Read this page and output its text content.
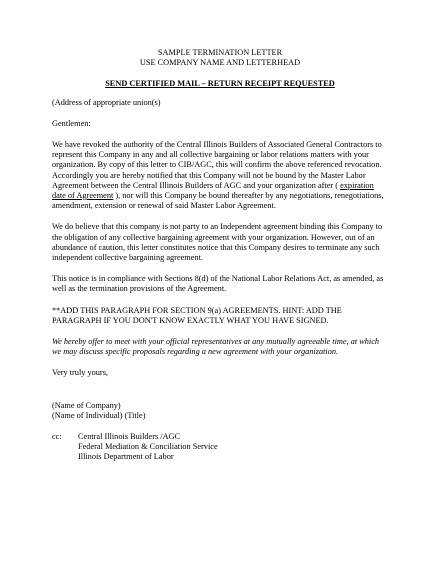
SAMPLE TERMINATION LETTER
USE COMPANY NAME AND LETTERHEAD

SEND CERTIFIED MAIL – RETURN RECEIPT REQUESTED

(Address of appropriate union(s)

Gentlemen:

We have revoked the authority of the Central Illinois Builders of Associated General Contractors to represent this Company in any and all collective bargaining or labor relations matters with your organization. By copy of this letter to CIB/AGC, this will confirm the above referenced revocation. Accordingly you are hereby notified that this Company will not be bound by the Master Labor Agreement between the Central Illinois Builders of AGC and your organization after ( expiration date of Agreement ), nor will this Company be bound thereafter by any negotiations, renegotiations, amendment, extension or renewal of said Master Labor Agreement.

We do believe that this company is not party to an Independent agreement binding this Company to the obligation of any collective bargaining agreement with your organization. However, out of an abundance of caution, this letter constitutes notice that this Company desires to terminate any such independent collective bargaining agreement.

This notice is in compliance with Sections 8(d) of the National Labor Relations Act, as amended, as well as the termination provisions of the Agreement.

**ADD THIS PARAGRAPH FOR SECTION 9(a) AGREEMENTS. HINT: ADD THE PARAGRAPH IF YOU DON'T KNOW EXACTLY WHAT YOU HAVE SIGNED.

We hereby offer to meet with your official representatives at any mutually agreeable time, at which we may discuss specific proposals regarding a new agreement with your organization.

Very truly yours,

(Name of Company)
(Name of Individual) (Title)
cc:	Central Illinois Builders /AGC
Federal Mediation & Conciliation Service
Illinois Department of Labor
